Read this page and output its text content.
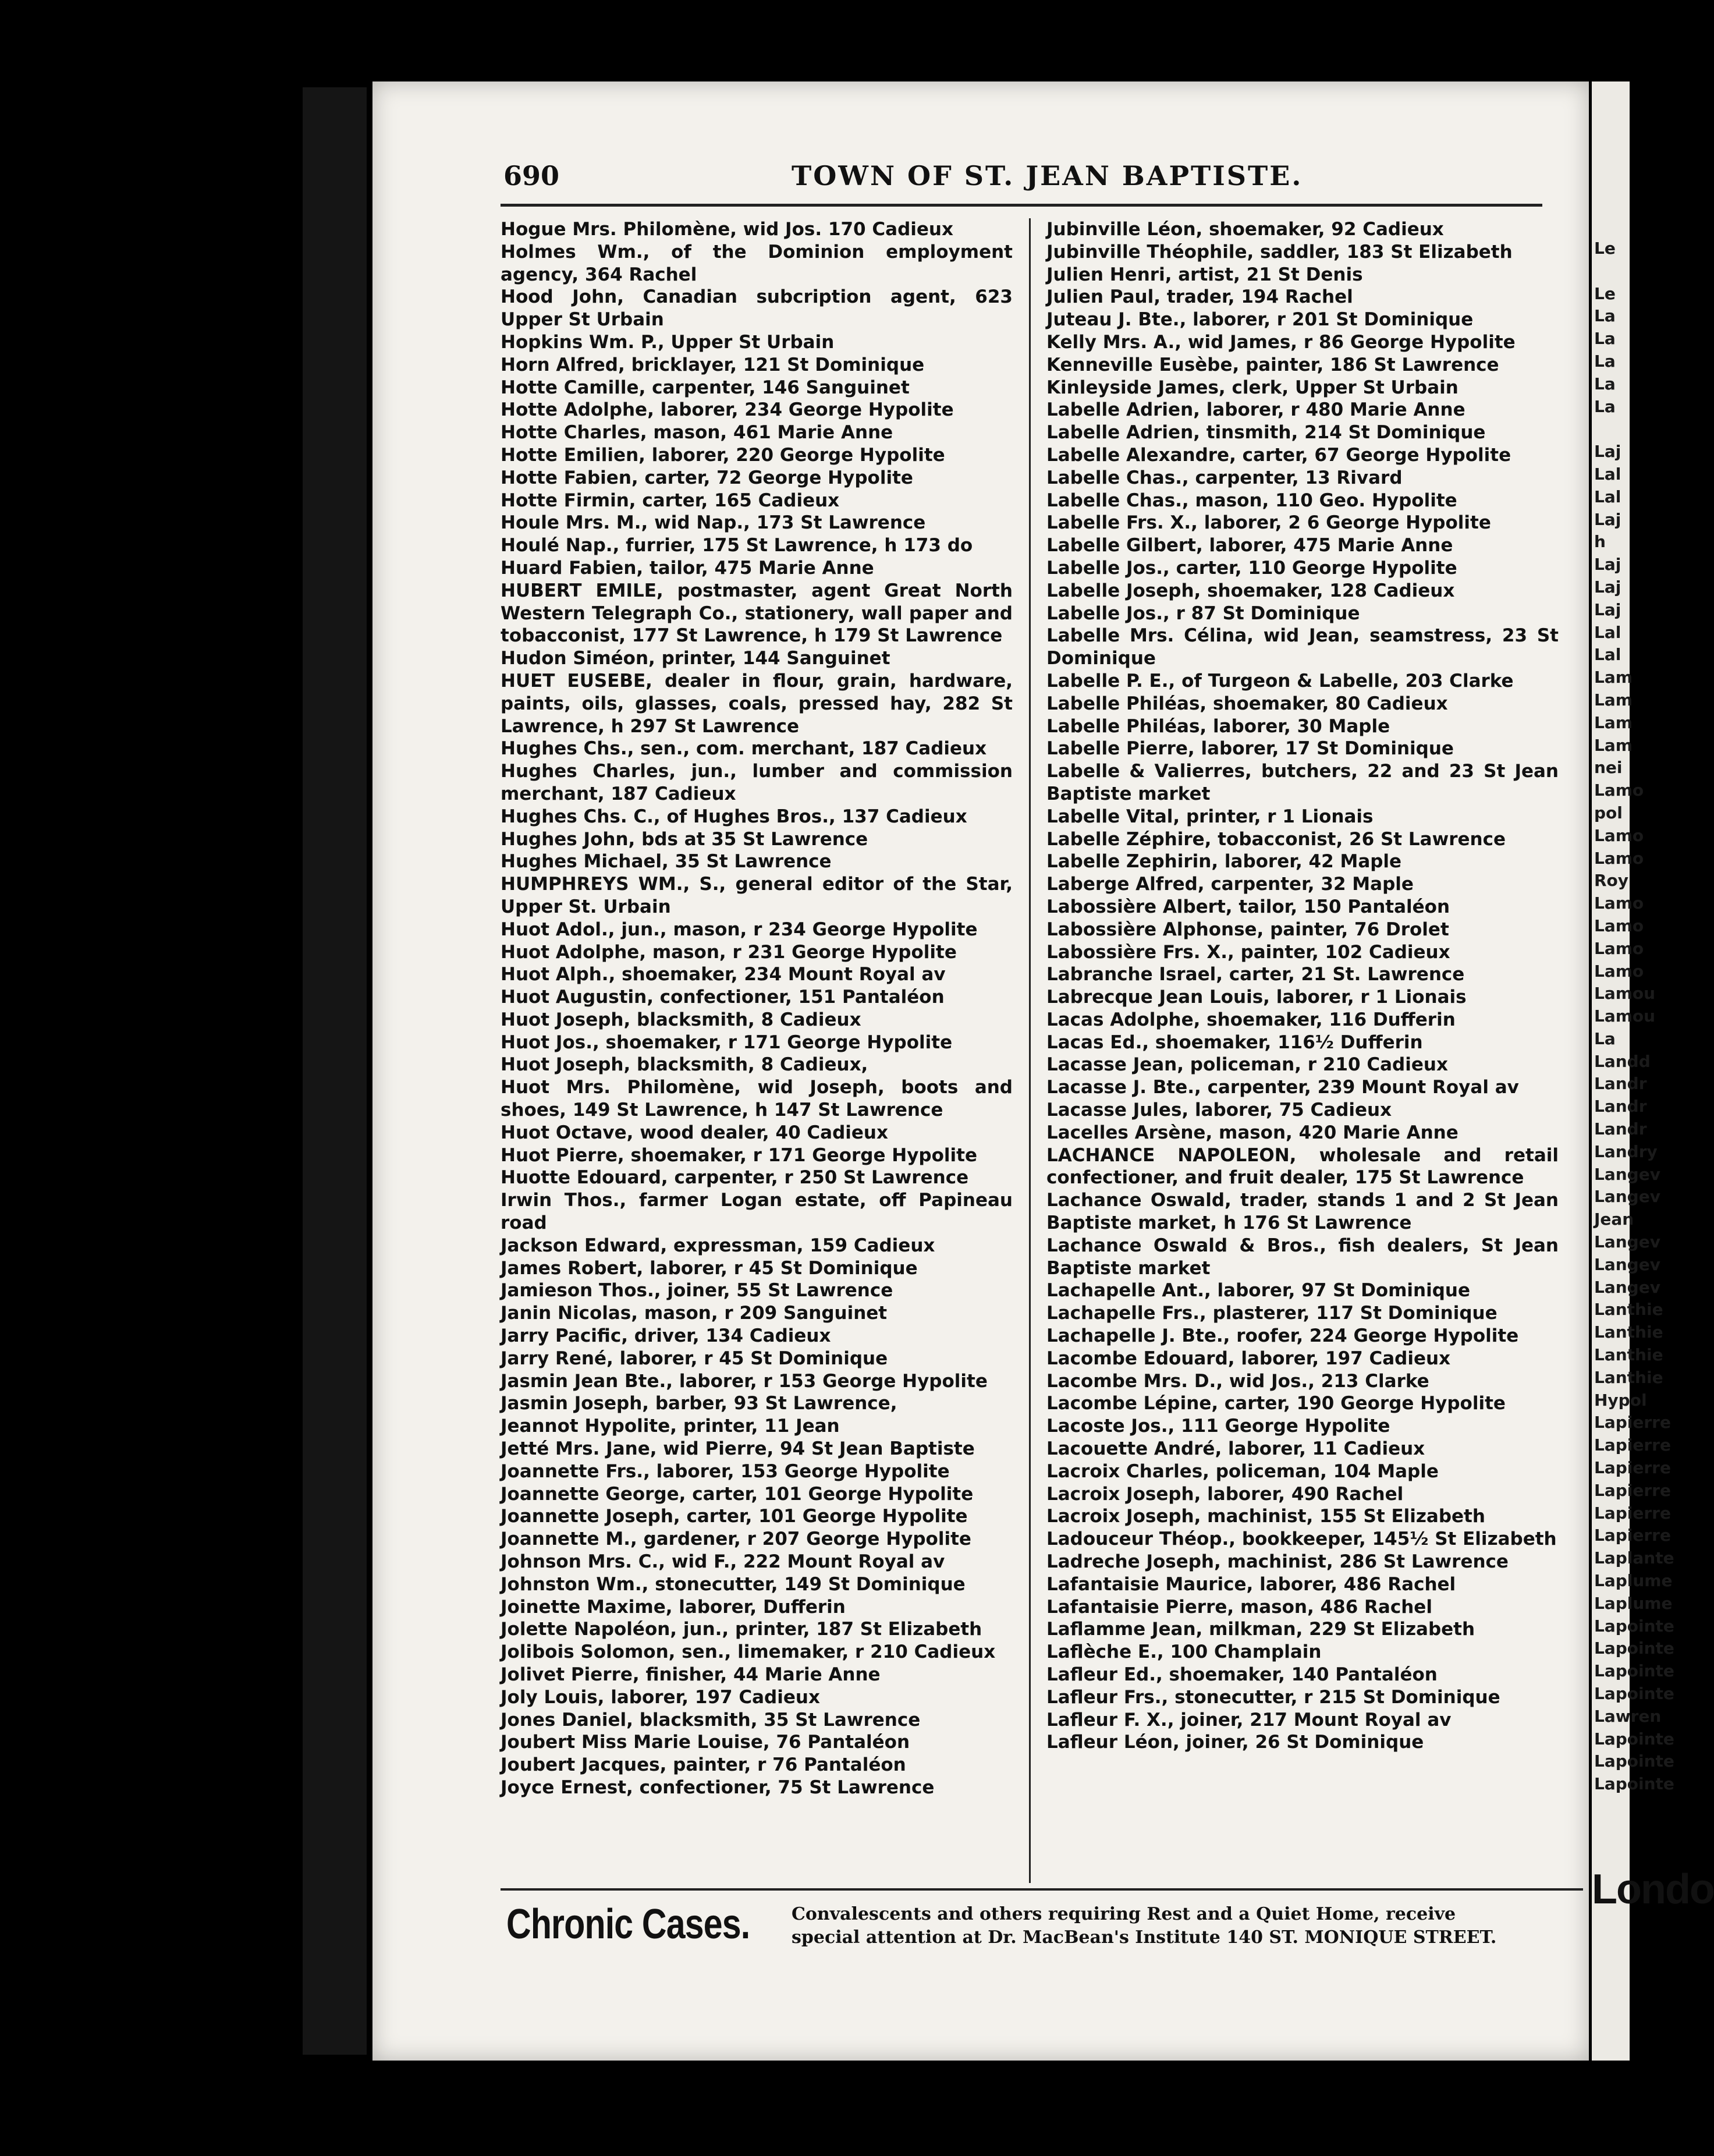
690	TOWN OF ST. JEAN BAPTISTE.
Hogue Mrs. Philomène, wid Jos. 170 Cadieux
Holmes Wm., of the Dominion employment agency, 364 Rachel
Hood John, Canadian subcription agent, 623 Upper St Urbain
Hopkins Wm. P., Upper St Urbain
Horn Alfred, bricklayer, 121 St Dominique
Hotte Camille, carpenter, 146 Sanguinet
Hotte Adolphe, laborer, 234 George Hypolite
Hotte Charles, mason, 461 Marie Anne
Hotte Emilien, laborer, 220 George Hypolite
Hotte Fabien, carter, 72 George Hypolite
Hotte Firmin, carter, 165 Cadieux
Houle Mrs. M., wid Nap., 173 St Lawrence
Houlé Nap., furrier, 175 St Lawrence, h 173 do
Huard Fabien, tailor, 475 Marie Anne
HUBERT EMILE, postmaster, agent Great North Western Telegraph Co., stationery, wall paper and tobacconist, 177 St Lawrence, h 179 St Lawrence
Hudon Siméon, printer, 144 Sanguinet
HUET EUSEBE, dealer in flour, grain, hardware, paints, oils, glasses, coals, pressed hay, 282 St Lawrence, h 297 St Lawrence
Hughes Chs., sen., com. merchant, 187 Cadieux
Hughes Charles, jun., lumber and commission merchant, 187 Cadieux
Hughes Chs. C., of Hughes Bros., 137 Cadieux
Hughes John, bds at 35 St Lawrence
Hughes Michael, 35 St Lawrence
HUMPHREYS WM., S., general editor of the Star, Upper St. Urbain
Huot Adol., jun., mason, r 234 George Hypolite
Huot Adolphe, mason, r 231 George Hypolite
Huot Alph., shoemaker, 234 Mount Royal av
Huot Augustin, confectioner, 151 Pantaléon
Huot Joseph, blacksmith, 8 Cadieux
Huot Jos., shoemaker, r 171 George Hypolite
Huot Joseph, blacksmith, 8 Cadieux,
Huot Mrs. Philomène, wid Joseph, boots and shoes, 149 St Lawrence, h 147 St Lawrence
Huot Octave, wood dealer, 40 Cadieux
Huot Pierre, shoemaker, r 171 George Hypolite
Huotte Edouard, carpenter, r 250 St Lawrence
Irwin Thos., farmer Logan estate, off Papineau road
Jackson Edward, expressman, 159 Cadieux
James Robert, laborer, r 45 St Dominique
Jamieson Thos., joiner, 55 St Lawrence
Janin Nicolas, mason, r 209 Sanguinet
Jarry Pacific, driver, 134 Cadieux
Jarry René, laborer, r 45 St Dominique
Jasmin Jean Bte., laborer, r 153 George Hypolite
Jasmin Joseph, barber, 93 St Lawrence,
Jeannot Hypolite, printer, 11 Jean
Jetté Mrs. Jane, wid Pierre, 94 St Jean Baptiste
Joannette Frs., laborer, 153 George Hypolite
Joannette George, carter, 101 George Hypolite
Joannette Joseph, carter, 101 George Hypolite
Joannette M., gardener, r 207 George Hypolite
Johnson Mrs. C., wid F., 222 Mount Royal av
Johnston Wm., stonecutter, 149 St Dominique
Joinette Maxime, laborer, Dufferin
Jolette Napoléon, jun., printer, 187 St Elizabeth
Jolibois Solomon, sen., limemaker, r 210 Cadieux
Jolivet Pierre, finisher, 44 Marie Anne
Joly Louis, laborer, 197 Cadieux
Jones Daniel, blacksmith, 35 St Lawrence
Joubert Miss Marie Louise, 76 Pantaléon
Joubert Jacques, painter, r 76 Pantaléon
Joyce Ernest, confectioner, 75 St Lawrence
Jubinville Léon, shoemaker, 92 Cadieux
Jubinville Théophile, saddler, 183 St Elizabeth
Julien Henri, artist, 21 St Denis
Julien Paul, trader, 194 Rachel
Juteau J. Bte., laborer, r 201 St Dominique
Kelly Mrs. A., wid James, r 86 George Hypolite
Kenneville Eusèbe, painter, 186 St Lawrence
Kinleyside James, clerk, Upper St Urbain
Labelle Adrien, laborer, r 480 Marie Anne
Labelle Adrien, tinsmith, 214 St Dominique
Labelle Alexandre, carter, 67 George Hypolite
Labelle Chas., carpenter, 13 Rivard
Labelle Chas., mason, 110 Geo. Hypolite
Labelle Frs. X., laborer, 2 6 George Hypolite
Labelle Gilbert, laborer, 475 Marie Anne
Labelle Jos., carter, 110 George Hypolite
Labelle Joseph, shoemaker, 128 Cadieux
Labelle Jos., r 87 St Dominique
Labelle Mrs. Célina, wid Jean, seamstress, 23 St Dominique
Labelle P. E., of Turgeon & Labelle, 203 Clarke
Labelle Philéas, shoemaker, 80 Cadieux
Labelle Philéas, laborer, 30 Maple
Labelle Pierre, laborer, 17 St Dominique
Labelle & Valierres, butchers, 22 and 23 St Jean Baptiste market
Labelle Vital, printer, r 1 Lionais
Labelle Zéphire, tobacconist, 26 St Lawrence
Labelle Zephirin, laborer, 42 Maple
Laberge Alfred, carpenter, 32 Maple
Labossière Albert, tailor, 150 Pantaléon
Labossière Alphonse, painter, 76 Drolet
Labossière Frs. X., painter, 102 Cadieux
Labranche Israel, carter, 21 St. Lawrence
Labrecque Jean Louis, laborer, r 1 Lionais
Lacas Adolphe, shoemaker, 116 Dufferin
Lacas Ed., shoemaker, 116½ Dufferin
Lacasse Jean, policeman, r 210 Cadieux
Lacasse J. Bte., carpenter, 239 Mount Royal av
Lacasse Jules, laborer, 75 Cadieux
Lacelles Arsène, mason, 420 Marie Anne
LACHANCE NAPOLEON, wholesale and retail confectioner, and fruit dealer, 175 St Lawrence
Lachance Oswald, trader, stands 1 and 2 St Jean Baptiste market, h 176 St Lawrence
Lachance Oswald & Bros., fish dealers, St Jean Baptiste market
Lachapelle Ant., laborer, 97 St Dominique
Lachapelle Frs., plasterer, 117 St Dominique
Lachapelle J. Bte., roofer, 224 George Hypolite
Lacombe Edouard, laborer, 197 Cadieux
Lacombe Mrs. D., wid Jos., 213 Clarke
Lacombe Lépine, carter, 190 George Hypolite
Lacoste Jos., 111 George Hypolite
Lacouette André, laborer, 11 Cadieux
Lacroix Charles, policeman, 104 Maple
Lacroix Joseph, laborer, 490 Rachel
Lacroix Joseph, machinist, 155 St Elizabeth
Ladouceur Théop., bookkeeper, 145½ St Elizabeth
Ladreche Joseph, machinist, 286 St Lawrence
Lafantaisie Maurice, laborer, 486 Rachel
Lafantaisie Pierre, mason, 486 Rachel
Laflamme Jean, milkman, 229 St Elizabeth
Laflèche E., 100 Champlain
Lafleur Ed., shoemaker, 140 Pantaléon
Lafleur Frs., stonecutter, r 215 St Dominique
Lafleur F. X., joiner, 217 Mount Royal av
Lafleur Léon, joiner, 26 St Dominique
Chronic Cases. Convalescents and others requiring Rest and a Quiet Home, receive
special attention at Dr. MacBean's Institute 140 ST. MONIQUE STREET.
Le
Le
La
La
La
La
La
Laj
Lal
Lal
Laj
h
Laj
Laj
Laj
Lal
Lal
Lam
Lam
Lam
Lam
nei
Lamo
pol
Lamo
Lamo
Roy
Lamo
Lamo
Lamo
Lamo
Lamou
Lamou
La
Landd
Landr
Landr
Landr
Landry
Langev
Langev
Jean
Langev
Langev
Langev
Lanthie
Lanthie
Lanthie
Lanthie
Hypol
Lapierre
Lapierre
Lapierre
Lapierre
Lapierre
Lapierre
Laplante
Laplume
Laplume
Lapointe
Lapointe
Lapointe
Lapointe
Lawren
Lapointe
Lapointe
Lapointe
Londo
